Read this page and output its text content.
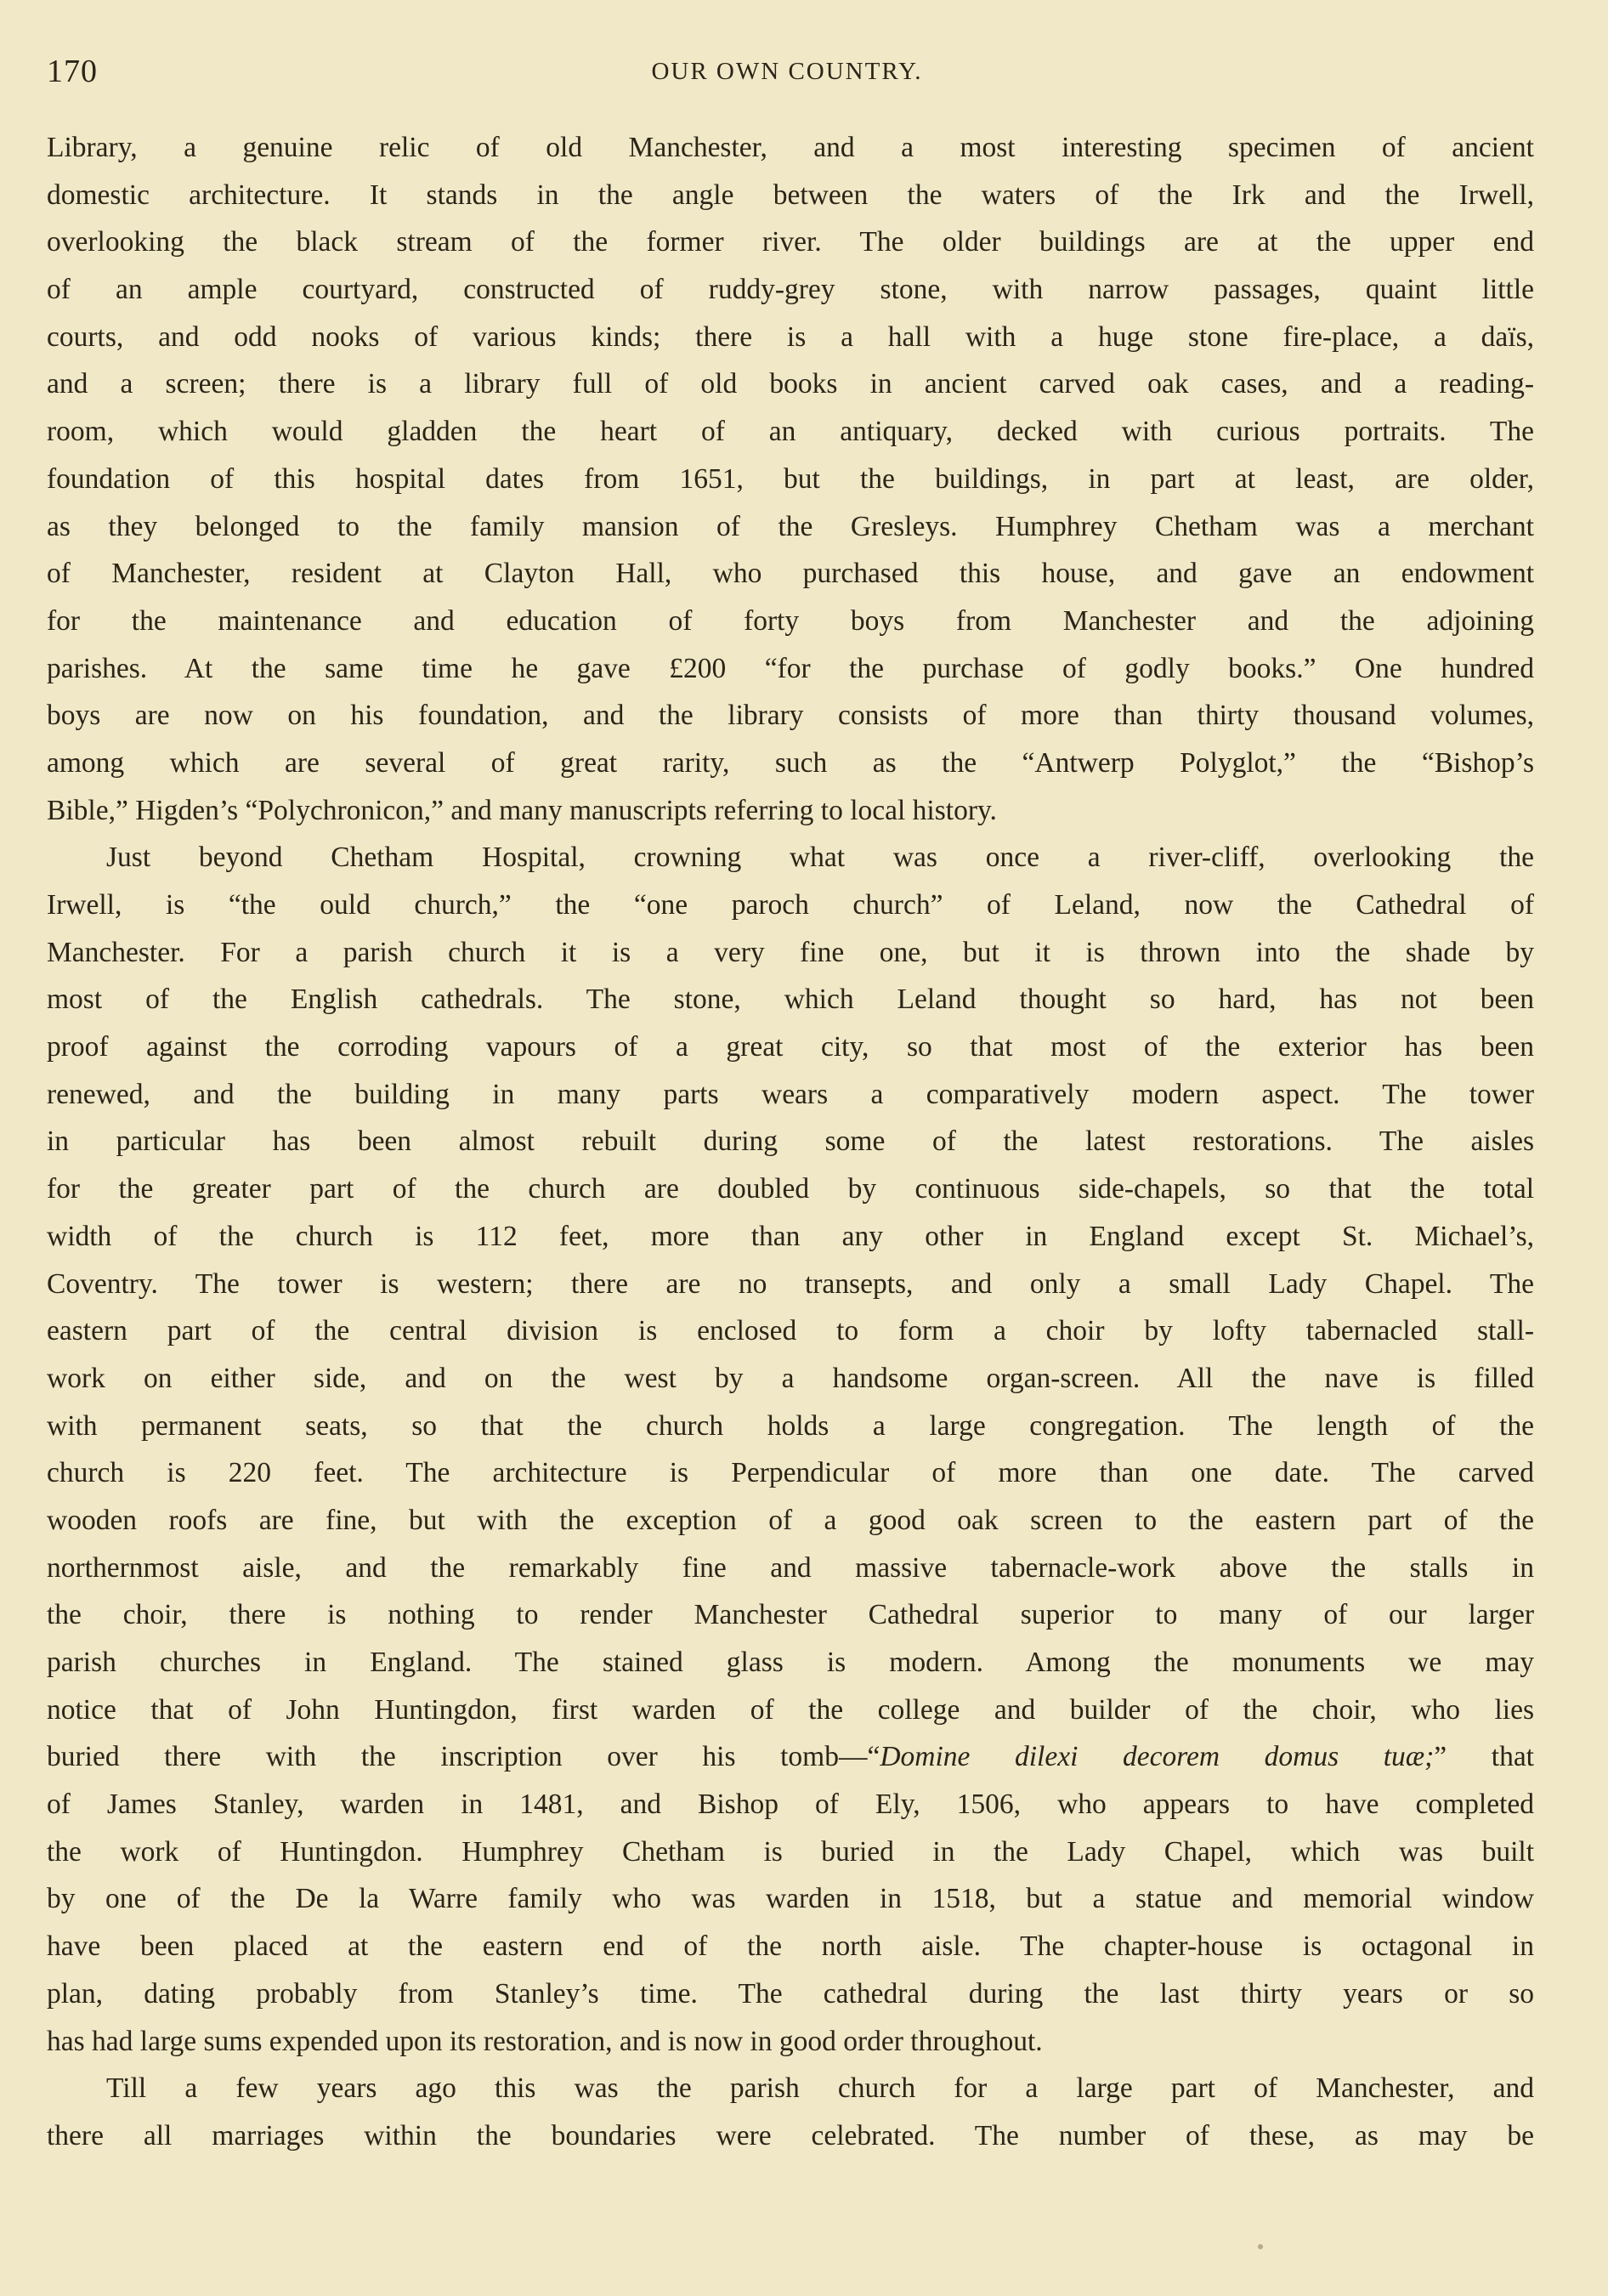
170	OUR OWN COUNTRY.
Library, a genuine relic of old Manchester, and a most interesting specimen of ancient
domestic architecture. It stands in the angle between the waters of the Irk and the Irwell,
overlooking the black stream of the former river. The older buildings are at the upper end
of an ample courtyard, constructed of ruddy-grey stone, with narrow passages, quaint little
courts, and odd nooks of various kinds; there is a hall with a huge stone fire-place, a daïs,
and a screen; there is a library full of old books in ancient carved oak cases, and a reading-
room, which would gladden the heart of an antiquary, decked with curious portraits. The
foundation of this hospital dates from 1651, but the buildings, in part at least, are older,
as they belonged to the family mansion of the Gresleys. Humphrey Chetham was a merchant
of Manchester, resident at Clayton Hall, who purchased this house, and gave an endowment
for the maintenance and education of forty boys from Manchester and the adjoining
parishes. At the same time he gave £200 “for the purchase of godly books.” One hundred
boys are now on his foundation, and the library consists of more than thirty thousand volumes,
among which are several of great rarity, such as the “Antwerp Polyglot,” the “Bishop’s
Bible,” Higden’s “Polychronicon,” and many manuscripts referring to local history.
Just beyond Chetham Hospital, crowning what was once a river-cliff, overlooking the
Irwell, is “the ould church,” the “one paroch church” of Leland, now the Cathedral of
Manchester. For a parish church it is a very fine one, but it is thrown into the shade by
most of the English cathedrals. The stone, which Leland thought so hard, has not been
proof against the corroding vapours of a great city, so that most of the exterior has been
renewed, and the building in many parts wears a comparatively modern aspect. The tower
in particular has been almost rebuilt during some of the latest restorations. The aisles
for the greater part of the church are doubled by continuous side-chapels, so that the total
width of the church is 112 feet, more than any other in England except St. Michael’s,
Coventry. The tower is western; there are no transepts, and only a small Lady Chapel. The
eastern part of the central division is enclosed to form a choir by lofty tabernacled stall-
work on either side, and on the west by a handsome organ-screen. All the nave is filled
with permanent seats, so that the church holds a large congregation. The length of the
church is 220 feet. The architecture is Perpendicular of more than one date. The carved
wooden roofs are fine, but with the exception of a good oak screen to the eastern part of the
northernmost aisle, and the remarkably fine and massive tabernacle-work above the stalls in
the choir, there is nothing to render Manchester Cathedral superior to many of our larger
parish churches in England. The stained glass is modern. Among the monuments we may
notice that of John Huntingdon, first warden of the college and builder of the choir, who lies
buried there with the inscription over his tomb—“Domine dilexi decorem domus tuæ;” that
of James Stanley, warden in 1481, and Bishop of Ely, 1506, who appears to have completed
the work of Huntingdon. Humphrey Chetham is buried in the Lady Chapel, which was built
by one of the De la Warre family who was warden in 1518, but a statue and memorial window
have been placed at the eastern end of the north aisle. The chapter-house is octagonal in
plan, dating probably from Stanley’s time. The cathedral during the last thirty years or so
has had large sums expended upon its restoration, and is now in good order throughout.
Till a few years ago this was the parish church for a large part of Manchester, and
there all marriages within the boundaries were celebrated. The number of these, as may be
